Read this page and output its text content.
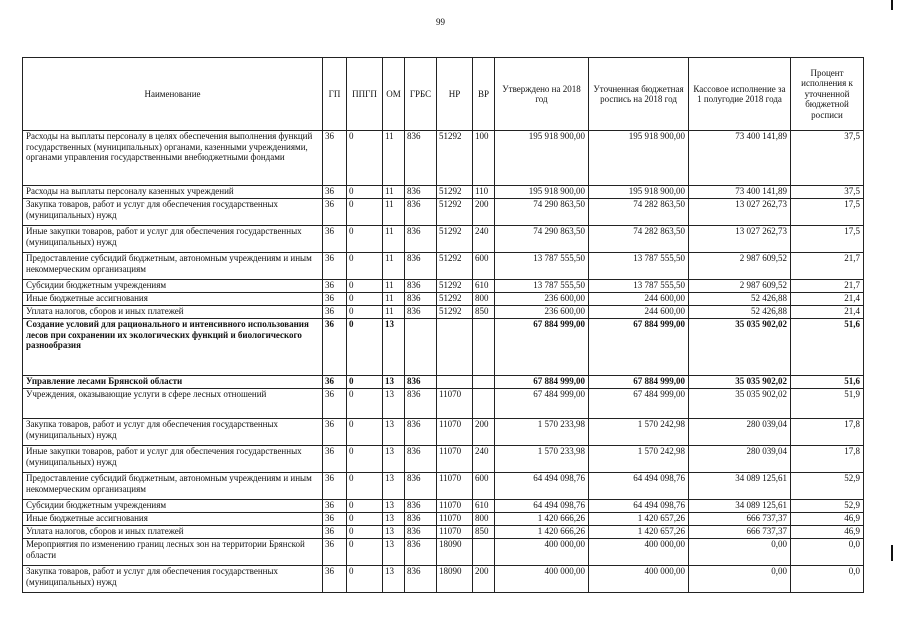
99
Наименование	ГП	ППГП	ОМ	ГРБС	НР	ВР	Утверждено на 2018 год	Уточненная бюджетная роспись на 2018 год	Кассовое исполнение за 1 полугодие 2018 года	Процент исполнения к уточненной бюджетной росписи
Расходы на выплаты персоналу в целях обеспечения выполнения функций государственных (муниципальных) органами, казенными учреждениями, органами управления государственными внебюджетными фондами	36	0	11	836	51292	100	195 918 900,00	195 918 900,00	73 400 141,89	37,5
Расходы на выплаты персоналу казенных учреждений	36	0	11	836	51292	110	195 918 900,00	195 918 900,00	73 400 141,89	37,5
Закупка товаров, работ и услуг для обеспечения государственных (муниципальных) нужд	36	0	11	836	51292	200	74 290 863,50	74 282 863,50	13 027 262,73	17,5
Иные закупки товаров, работ и услуг для обеспечения государственных (муниципальных) нужд	36	0	11	836	51292	240	74 290 863,50	74 282 863,50	13 027 262,73	17,5
Предоставление субсидий бюджетным, автономным учреждениям и иным некоммерческим организациям	36	0	11	836	51292	600	13 787 555,50	13 787 555,50	2 987 609,52	21,7
Субсидии бюджетным учреждениям	36	0	11	836	51292	610	13 787 555,50	13 787 555,50	2 987 609,52	21,7
Иные бюджетные ассигнования	36	0	11	836	51292	800	236 600,00	244 600,00	52 426,88	21,4
Уплата налогов, сборов и иных платежей	36	0	11	836	51292	850	236 600,00	244 600,00	52 426,88	21,4
Создание условий для рационального и интенсивного использования лесов при сохранении их экологических функций и биологического разнообразия	36	0	13				67 884 999,00	67 884 999,00	35 035 902,02	51,6
Управление лесами Брянской области	36	0	13	836			67 884 999,00	67 884 999,00	35 035 902,02	51,6
Учреждения, оказывающие услуги в сфере лесных отношений	36	0	13	836	11070		67 484 999,00	67 484 999,00	35 035 902,02	51,9
Закупка товаров, работ и услуг для обеспечения государственных (муниципальных) нужд	36	0	13	836	11070	200	1 570 233,98	1 570 242,98	280 039,04	17,8
Иные закупки товаров, работ и услуг для обеспечения государственных (муниципальных) нужд	36	0	13	836	11070	240	1 570 233,98	1 570 242,98	280 039,04	17,8
Предоставление субсидий бюджетным, автономным учреждениям и иным некоммерческим организациям	36	0	13	836	11070	600	64 494 098,76	64 494 098,76	34 089 125,61	52,9
Субсидии бюджетным учреждениям	36	0	13	836	11070	610	64 494 098,76	64 494 098,76	34 089 125,61	52,9
Иные бюджетные ассигнования	36	0	13	836	11070	800	1 420 666,26	1 420 657,26	666 737,37	46,9
Уплата налогов, сборов и иных платежей	36	0	13	836	11070	850	1 420 666,26	1 420 657,26	666 737,37	46,9
Мероприятия по изменению границ лесных зон на территории Брянской области	36	0	13	836	18090		400 000,00	400 000,00	0,00	0,0
Закупка товаров, работ и услуг для обеспечения государственных (муниципальных) нужд	36	0	13	836	18090	200	400 000,00	400 000,00	0,00	0,0
